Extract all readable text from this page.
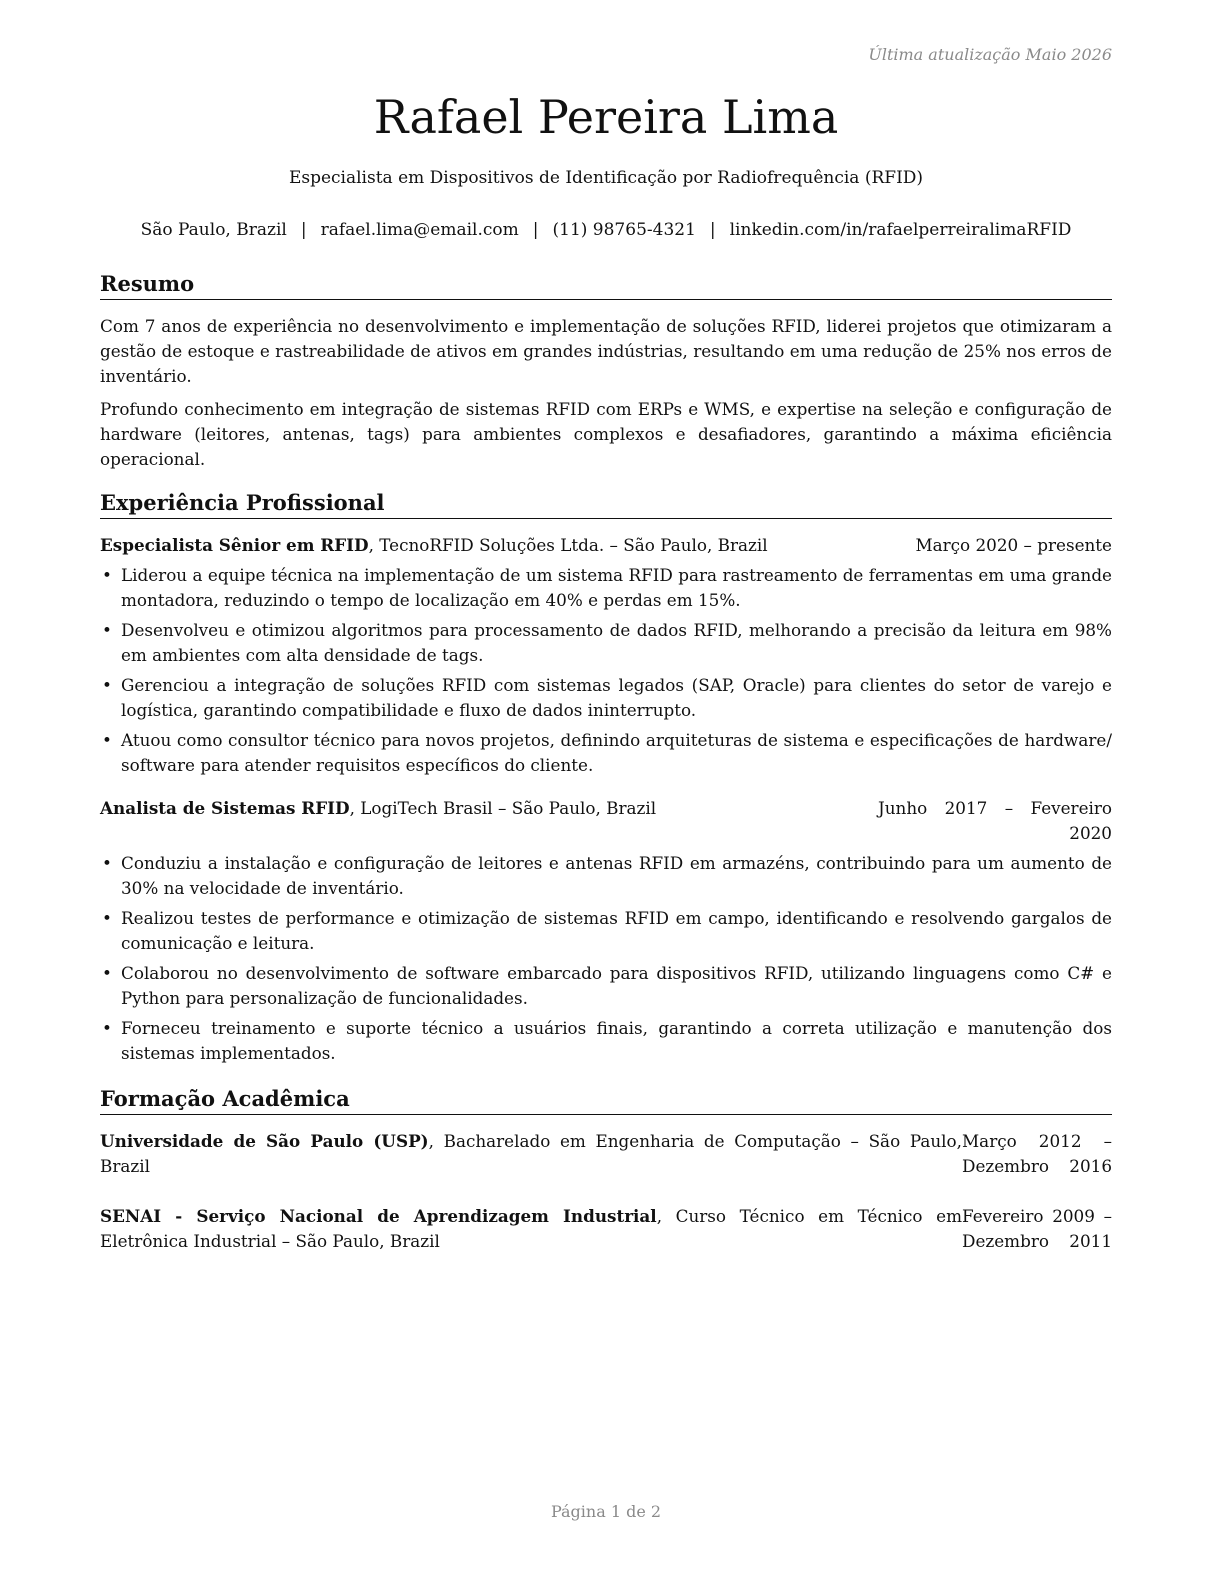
Última atualização Maio 2026
Rafael Pereira Lima
Especialista em Dispositivos de Identificação por Radiofrequência (RFID)
São Paulo, Brazil | rafael.lima@email.com | (11) 98765-4321 | linkedin.com/in/rafaelperreiralimaRFID
Resumo

Com 7 anos de experiência no desenvolvimento e implementação de soluções RFID, liderei projetos que otimizaram a gestão de estoque e rastreabilidade de ativos em grandes indústrias, resultando em uma redução de 25% nos erros de inventário.

Profundo conhecimento em integração de sistemas RFID com ERPs e WMS, e expertise na seleção e configuração de hardware (leitores, antenas, tags) para ambientes complexos e desafiadores, garantindo a máxima eficiência operacional.

Experiência Profissional
Especialista Sênior em RFID, TecnoRFID Soluções Ltda. – São Paulo, Brazil	Março 2020 – presente
• Liderou a equipe técnica na implementação de um sistema RFID para rastreamento de ferramentas em uma grande montadora, reduzindo o tempo de localização em 40% e perdas em 15%.
• Desenvolveu e otimizou algoritmos para processamento de dados RFID, melhorando a precisão da leitura em 98% em ambientes com alta densidade de tags.
• Gerenciou a integração de soluções RFID com sistemas legados (SAP, Oracle) para clientes do setor de varejo e logística, garantindo compatibilidade e fluxo de dados ininterrupto.
• Atuou como consultor técnico para novos projetos, definindo arquiteturas de sistema e especificações de hardware/ software para atender requisitos específicos do cliente.
Analista de Sistemas RFID, LogiTech Brasil – São Paulo, Brazil	Junho 2017 – Fevereiro 2020
• Conduziu a instalação e configuração de leitores e antenas RFID em armazéns, contribuindo para um aumento de 30% na velocidade de inventário.
• Realizou testes de performance e otimização de sistemas RFID em campo, identificando e resolvendo gargalos de comunicação e leitura.
• Colaborou no desenvolvimento de software embarcado para dispositivos RFID, utilizando linguagens como C# e Python para personalização de funcionalidades.
• Forneceu treinamento e suporte técnico a usuários finais, garantindo a correta utilização e manutenção dos sistemas implementados.
Formação Acadêmica
Março 2012 – Dezembro 2016
Universidade de São Paulo (USP), Bacharelado em Engenharia de Computação – São Paulo, Brazil
Fevereiro 2009 – Dezembro 2011
SENAI - Serviço Nacional de Aprendizagem Industrial, Curso Técnico em Técnico em Eletrônica Industrial – São Paulo, Brazil
Página 1 de 2
